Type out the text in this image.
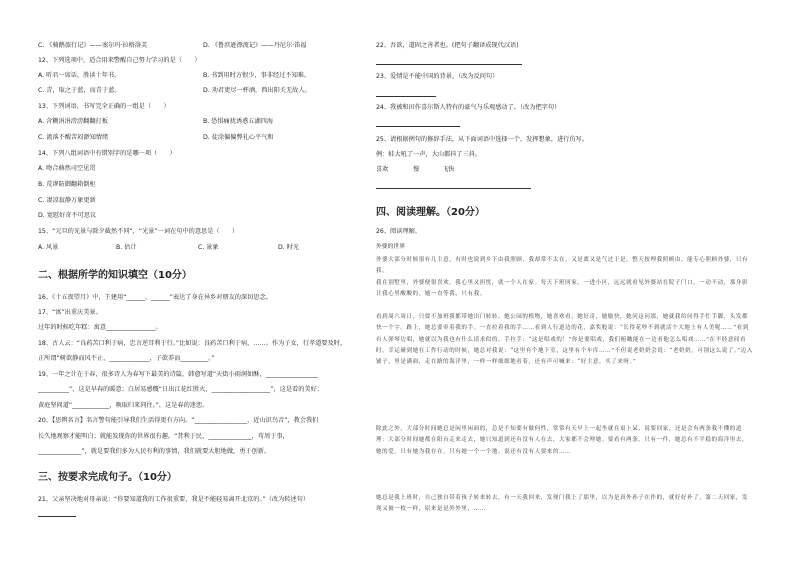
C. 《骑鹅旅行记》——塞尔玛·拉格洛芙	D. 《鲁滨逊漂流记》——丹尼尔·笛福
12、下列选项中，适合用来警醒自己努力学习的是（　　）
A. 听君一席话，胜读十年书。	B. 书到用时方恨少，事非经过不知难。
C. 青，取之于蓝，而青于蓝。	D. 劝君更尽一杯酒，西出阳关无故人。
13、下列词语，书写完全正确的一组是（　　）
A. 含糊涓涓滂滂翻翻打板	B. 恐惧痛扰诱惑五湖四海
C. 流落不醒苦闷渺知情绪	D. 徒涂偏偏弊礼心平气和
14、下列八组词语中有错别字的是哪一项（　　）
A. 吻合赫然司空见贯
B. 荒谬防御翻箱倒柜
C. 凄凉寂静万象更新
D. 宽慰好奇不可思议
15、“元旦的光景与除夕截然不同”，“光景”一词在句中的意思是（　　）
A. 风景	B. 估计	C. 景象	D. 时光
二、根据所学的知识填空（10分）
16、《十五夜望月》中，王建用“______，______”表达了身在异乡对朋友的深切思念。
17、“寓”出重庆美景。
过年的时候吃年糕：寓意________________。
18、古人云：“良药苦口利于病，忠言逆耳利于行。”比如说：良药苦口利于病，……。作为子女，行孝道要及时，
正所谓“树欲静而风不止，_____________，子欲养而_________。”
19、一年之计在于春，很多诗人为春写下最美的诗篇，韩愈写道“天街小雨润如酥，_________________
__________”，这是早春的暖意；白居易感慨“日出江花红胜火，___________________”，这是看的美好；
黄庭坚问道“____________，唤取归来同住。”，这是春的迷恋。
20、【思辨名言】名言警句能引导我们生活得更有方向。“_________________，近山识鸟音”，教会我们
长久地观察才能明白；就能发现你的世界很有趣。“昔利于民，______________，苟周于事，
______________”，就是要我们多为人民有利的事情，我们就要大胆地做，勇于创新。
三、按要求完成句子。（10分）
21、父亲坚决地对母亲说：“你要知道我的工作很重要，我是不能轻易离开北京的。”（改为转述句）
22、吾欲，道固之善者也。(把句子翻译成现代汉语)
23、爱情是不能中国的背景。（改为反问句）
24、我被和田作喜尔斯人特有的豪气与乐观感动了。（改为把字句）
25、请根据例句的修辞手法，从下面词语中选择一个，发挥想象，进行仿写。
例：蛙大吼了一声，大山都抖了三抖。
喜欢	慢	飞快
四、阅读理解。（20分）
26、阅读理解。
外婆的世界
外婆大部分时候很有几主意，有时也说到乡下由我照顾，我却常不太在，又是离又是气过于是，整天按理我照顾由，能专心照顾外婆，只有我。
我在别墅里，外婆便很喜欢。我心里又担忧，就一个人在家。每天下班回家，一进小区，远远就看见外婆站在院子门口，一动不动，那身影让我心里酸酸的。她一直等我，只有我。
看到周六周日，只要不加班我都带她出门转转。她公园的植物，她喜欢看，她好奇，她愉快，她问这问那，她就我给问得手忙手脚，头发都快一个字。路上，她总要牵着我的手。一直拉着我的手……看到人行道边的花，嘉奖般说：“长得花吵不到就活个大地上有人美呢……”看到有人弹琴边唱，她就以为我也有什么请求似的，手拉手：“这是唱戏的！”你是要唱戏，我们俯瞰能在一边看他怎么唱戏……”在不经意间看时，幸运碰到她在工作行动的时候，她总对我说：“这里有个地下室，这里有个车库……”不但说老奶奶会说：“老奶奶，可别这么说了。”迈入铺子，里是满面，走在路的海洋里，一样一样细细地看着，还有声可喊来：“好主意，买了来呀。”
除此之外，大部分时间她总是闲里闲面的，总是不知要有做何性，常常有天早上一起坐就在桌上呆，说要回家，还是会有两条我不懂的道理：大部分时间她都在阳台走来走去，她只知道到还有没有人在去，大家都不会理她。要看有两条。只有一件，她总有不平稳的海洋里去，她的爱。只有她为我存在，只有她一个一个地，说还有没有人要来的……
她总是我上班时，自己独自带着孩子转来转去，有一天我回来，发现门我上了那里，以为是真外孙子在作的，就好好补了，第二天回家，发现又被一枚一样，原来是是外外里，……
